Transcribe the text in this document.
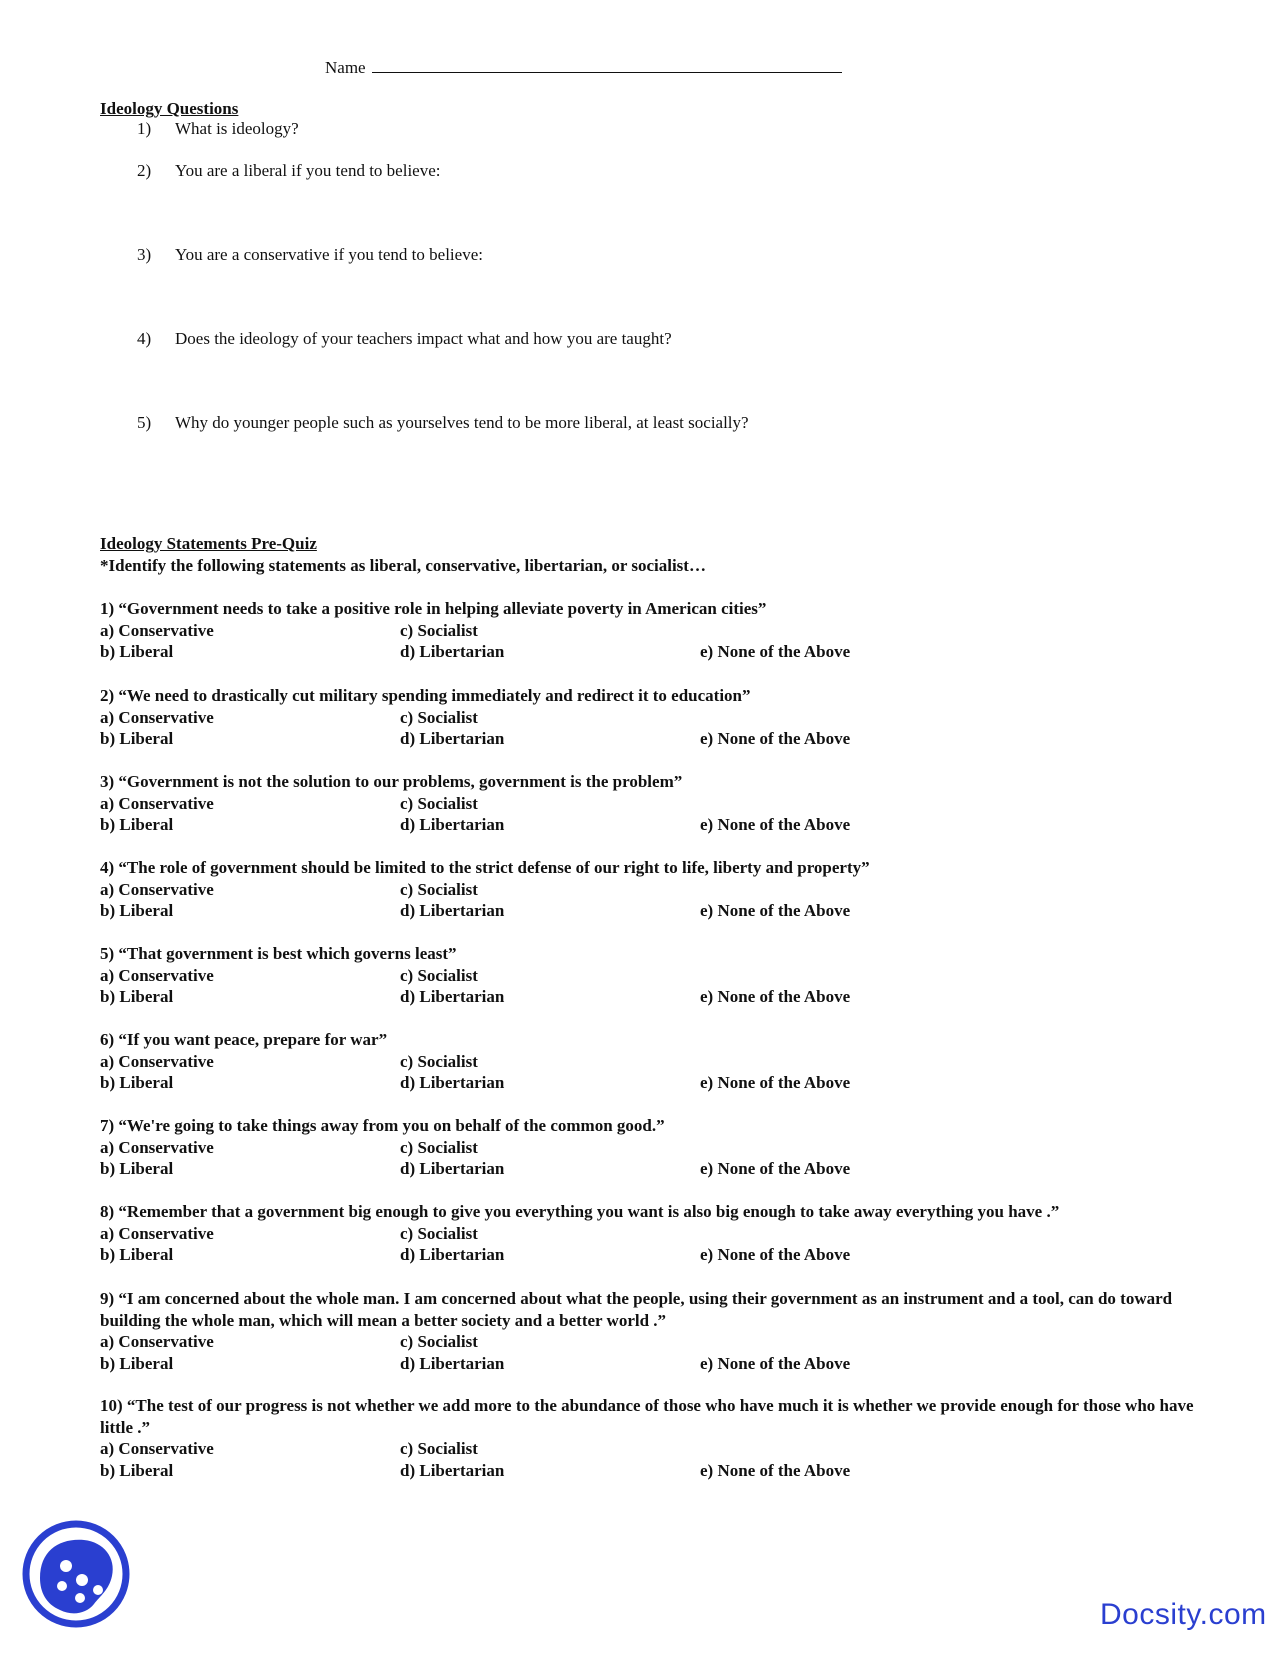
Name
Ideology Questions
1) What is ideology?
2) You are a liberal if you tend to believe:
3) You are a conservative if you tend to believe:
4) Does the ideology of your teachers impact what and how you are taught?
5) Why do younger people such as yourselves tend to be more liberal, at least socially?
Ideology Statements Pre-Quiz
*Identify the following statements as liberal, conservative, libertarian, or socialist…

1) “Government needs to take a positive role in helping alleviate poverty in American cities”

a) Conservative	c) Socialist
b) Liberal	d) Libertarian	e) None of the Above

2) “We need to drastically cut military spending immediately and redirect it to education”

a) Conservative	c) Socialist
b) Liberal	d) Libertarian	e) None of the Above

3) “Government is not the solution to our problems, government is the problem”

a) Conservative	c) Socialist
b) Liberal	d) Libertarian	e) None of the Above

4) “The role of government should be limited to the strict defense of our right to life, liberty and property”

a) Conservative	c) Socialist
b) Liberal	d) Libertarian	e) None of the Above

5) “That government is best which governs least”

a) Conservative	c) Socialist
b) Liberal	d) Libertarian	e) None of the Above

6) “If you want peace, prepare for war”

a) Conservative	c) Socialist
b) Liberal	d) Libertarian	e) None of the Above

7) “We're going to take things away from you on behalf of the common good.”

a) Conservative	c) Socialist
b) Liberal	d) Libertarian	e) None of the Above

8) “Remember that a government big enough to give you everything you want is also big enough to take away everything you have .”

a) Conservative	c) Socialist
b) Liberal	d) Libertarian	e) None of the Above

9) “I am concerned about the whole man. I am concerned about what the people, using their government as an instrument and a tool, can do toward building the whole man, which will mean a better society and a better world .”

a) Conservative	c) Socialist
b) Liberal	d) Libertarian	e) None of the Above

10) “The test of our progress is not whether we add more to the abundance of those who have much it is whether we provide enough for those who have little .”

a) Conservative	c) Socialist
b) Liberal	d) Libertarian	e) None of the Above
Docsity.com
